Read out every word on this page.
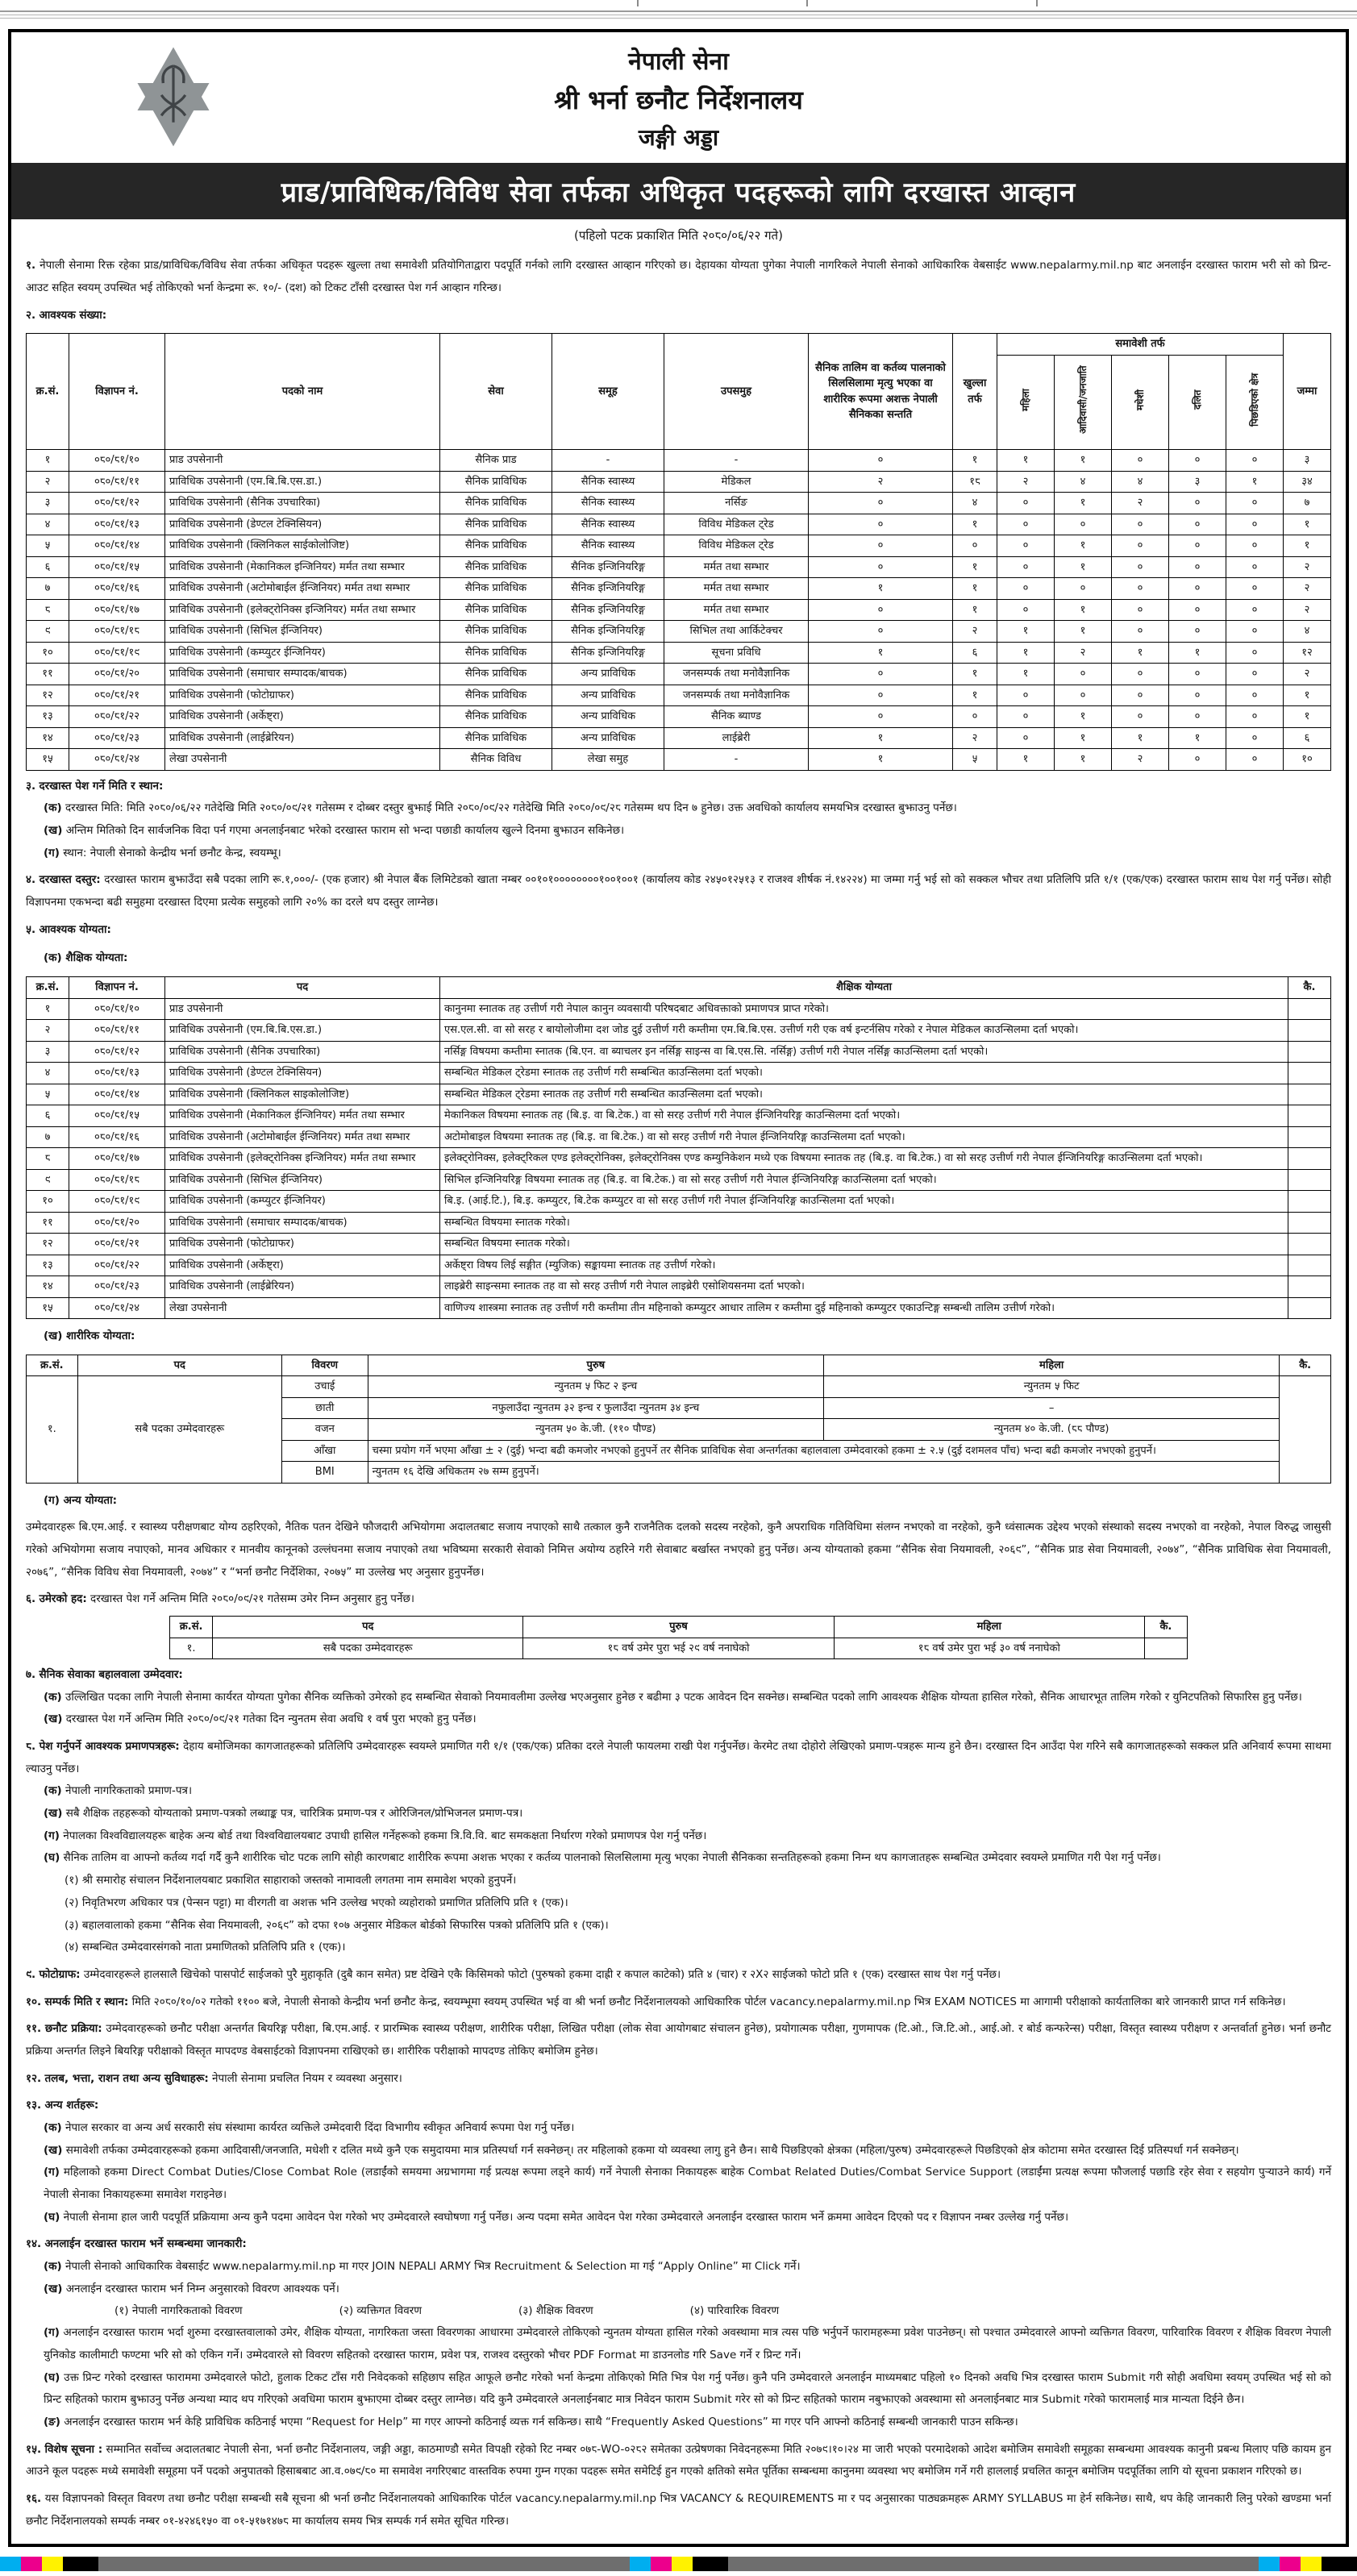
नेपाली सेना
श्री भर्ना छनौट निर्देशनालय
जङ्गी अड्डा
प्राड/प्राविधिक/विविध सेवा तर्फका अधिकृत पदहरूको लागि दरखास्त आव्हान
(पहिलो पटक प्रकाशित मिति २०८०/०६/२२ गते)
१. नेपाली सेनामा रिक्त रहेका प्राड/प्राविधिक/विविध सेवा तर्फका अधिकृत पदहरू खुल्ला तथा समावेशी प्रतियोगिताद्वारा पदपूर्ति गर्नको लागि दरखास्त आव्हान गरिएको छ। देहायका योग्यता पुगेका नेपाली नागरिकले नेपाली सेनाको आधिकारिक वेबसाईट www.nepalarmy.mil.np बाट अनलाईन दरखास्त फाराम भरी सो को प्रिन्ट-आउट सहित स्वयम् उपस्थित भई तोकिएको भर्ना केन्द्रमा रू. १०/- (दश) को टिकट टाँसी दरखास्त पेश गर्न आव्हान गरिन्छ।
२. आवश्यक संख्या:
क्र.सं.	विज्ञापन नं.	पदको नाम	सेवा	समूह	उपसमुह	सैनिक तालिम वा कर्तव्य पालनाको सिलसिलामा मृत्यु भएका वा शारीरिक रूपमा अशक्त नेपाली सैनिकका सन्तति	खुल्ला तर्फ	समावेशी तर्फ					जम्मा
								महिला	आदिवासी/जनजाति	मधेशी	दलित	पिछडिएको क्षेत्र	
१	०८०/८१/१०	प्राड उपसेनानी	सैनिक प्राड	-	-	०	१	१	१	०	०	०	३
२	०८०/८१/११	प्राविधिक उपसेनानी (एम.बि.बि.एस.डा.)	सैनिक प्राविधिक	सैनिक स्वास्थ्य	मेडिकल	२	१८	२	४	४	३	१	३४
३	०८०/८१/१२	प्राविधिक उपसेनानी (सैनिक उपचारिका)	सैनिक प्राविधिक	सैनिक स्वास्थ्य	नर्सिङ	०	४	०	१	२	०	०	७
४	०८०/८१/१३	प्राविधिक उपसेनानी (डेण्टल टेक्निसियन)	सैनिक प्राविधिक	सैनिक स्वास्थ्य	विविध मेडिकल ट्रेड	०	१	०	०	०	०	०	१
५	०८०/८१/१४	प्राविधिक उपसेनानी (क्लिनिकल साईकोलोजिष्ट)	सैनिक प्राविधिक	सैनिक स्वास्थ्य	विविध मेडिकल ट्रेड	०	०	०	१	०	०	०	१
६	०८०/८१/१५	प्राविधिक उपसेनानी (मेकानिकल इन्जिनियर) मर्मत तथा सम्भार	सैनिक प्राविधिक	सैनिक इन्जिनियरिङ्ग	मर्मत तथा सम्भार	०	१	०	१	०	०	०	२
७	०८०/८१/१६	प्राविधिक उपसेनानी (अटोमोबाईल ईन्जिनियर) मर्मत तथा सम्भार	सैनिक प्राविधिक	सैनिक इन्जिनियरिङ्ग	मर्मत तथा सम्भार	१	१	०	०	०	०	०	२
८	०८०/८१/१७	प्राविधिक उपसेनानी (इलेक्ट्रोनिक्स इन्जिनियर) मर्मत तथा सम्भार	सैनिक प्राविधिक	सैनिक इन्जिनियरिङ्ग	मर्मत तथा सम्भार	०	१	०	१	०	०	०	२
९	०८०/८१/१८	प्राविधिक उपसेनानी (सिभिल ईन्जिनियर)	सैनिक प्राविधिक	सैनिक इन्जिनियरिङ्ग	सिभिल तथा आर्किटेक्चर	०	२	१	१	०	०	०	४
१०	०८०/८१/१९	प्राविधिक उपसेनानी (कम्प्युटर ईन्जिनियर)	सैनिक प्राविधिक	सैनिक इन्जिनियरिङ्ग	सूचना प्रविधि	१	६	१	२	१	१	०	१२
११	०८०/८१/२०	प्राविधिक उपसेनानी (समाचार सम्पादक/बाचक)	सैनिक प्राविधिक	अन्य प्राविधिक	जनसम्पर्क तथा मनोवैज्ञानिक	०	१	१	०	०	०	०	२
१२	०८०/८१/२१	प्राविधिक उपसेनानी (फोटोग्राफर)	सैनिक प्राविधिक	अन्य प्राविधिक	जनसम्पर्क तथा मनोवैज्ञानिक	०	१	०	०	०	०	०	१
१३	०८०/८१/२२	प्राविधिक उपसेनानी (अर्केष्ट्रा)	सैनिक प्राविधिक	अन्य प्राविधिक	सैनिक ब्याण्ड	०	०	०	१	०	०	०	१
१४	०८०/८१/२३	प्राविधिक उपसेनानी (लाईब्रेरियन)	सैनिक प्राविधिक	अन्य प्राविधिक	लाईब्रेरी	१	२	०	१	१	१	०	६
१५	०८०/८१/२४	लेखा उपसेनानी	सैनिक विविध	लेखा समुह	-	१	५	१	१	२	०	०	१०
३. दरखास्त पेश गर्ने मिति र स्थान:
(क) दरखास्त मिति: मिति २०८०/०६/२२ गतेदेखि मिति २०८०/०९/२१ गतेसम्म र दोब्बर दस्तुर बुझाई मिति २०८०/०९/२२ गतेदेखि मिति २०८०/०९/२८ गतेसम्म थप दिन ७ हुनेछ। उक्त अवधिको कार्यालय समयभित्र दरखास्त बुझाउनु पर्नेछ।
(ख) अन्तिम मितिको दिन सार्वजनिक विदा पर्न गएमा अनलाईनबाट भरेको दरखास्त फाराम सो भन्दा पछाडी कार्यालय खुल्ने दिनमा बुझाउन सकिनेछ।
(ग) स्थान: नेपाली सेनाको केन्द्रीय भर्ना छनौट केन्द्र, स्वयम्भू।
४. दरखास्त दस्तुर: दरखास्त फाराम बुझाउँदा सबै पदका लागि रू.१,०००/- (एक हजार) श्री नेपाल बैंक लिमिटेडको खाता नम्बर ००१०१००००००००१००१००१ (कार्यालय कोड २४५०१२५१३ र राजश्व शीर्षक नं.१४२२४) मा जम्मा गर्नु भई सो को सक्कल भौचर तथा प्रतिलिपि प्रति १/१ (एक/एक) दरखास्त फाराम साथ पेश गर्नु पर्नेछ। सोही विज्ञापनमा एकभन्दा बढी समुहमा दरखास्त दिएमा प्रत्येक समुहको लागि २०% का दरले थप दस्तुर लाग्नेछ।
५. आवश्यक योग्यता:
(क) शैक्षिक योग्यता:
क्र.सं.	विज्ञापन नं.	पद	शैक्षिक योग्यता	कै.
१	०८०/८१/१०	प्राड उपसेनानी	कानुनमा स्नातक तह उत्तीर्ण गरी नेपाल कानुन व्यवसायी परिषदबाट अधिवक्ताको प्रमाणपत्र प्राप्त गरेको।	
२	०८०/८१/११	प्राविधिक उपसेनानी (एम.बि.बि.एस.डा.)	एस.एल.सी. वा सो सरह र बायोलोजीमा दश जोड दुई उत्तीर्ण गरी कम्तीमा एम.बि.बि.एस. उत्तीर्ण गरी एक वर्ष इन्टर्नसिप गरेको र नेपाल मेडिकल काउन्सिलमा दर्ता भएको।	
३	०८०/८१/१२	प्राविधिक उपसेनानी (सैनिक उपचारिका)	नर्सिङ्ग विषयमा कम्तीमा स्नातक (बि.एन. वा ब्याचलर इन नर्सिङ्ग साइन्स वा बि.एस.सि. नर्सिङ्ग) उत्तीर्ण गरी नेपाल नर्सिङ्ग काउन्सिलमा दर्ता भएको।	
४	०८०/८१/१३	प्राविधिक उपसेनानी (डेण्टल टेक्निसियन)	सम्बन्धित मेडिकल ट्रेडमा स्नातक तह उत्तीर्ण गरी सम्बन्धित काउन्सिलमा दर्ता भएको।	
५	०८०/८१/१४	प्राविधिक उपसेनानी (क्लिनिकल साइकोलोजिष्ट)	सम्बन्धित मेडिकल ट्रेडमा स्नातक तह उत्तीर्ण गरी सम्बन्धित काउन्सिलमा दर्ता भएको।	
६	०८०/८१/१५	प्राविधिक उपसेनानी (मेकानिकल ईन्जिनियर) मर्मत तथा सम्भार	मेकानिकल विषयमा स्नातक तह (बि.इ. वा बि.टेक.) वा सो सरह उत्तीर्ण गरी नेपाल ईन्जिनियरिङ्ग काउन्सिलमा दर्ता भएको।	
७	०८०/८१/१६	प्राविधिक उपसेनानी (अटोमोबाईल ईन्जिनियर) मर्मत तथा सम्भार	अटोमोबाइल विषयमा स्नातक तह (बि.इ. वा बि.टेक.) वा सो सरह उत्तीर्ण गरी नेपाल ईन्जिनियरिङ्ग काउन्सिलमा दर्ता भएको।	
८	०८०/८१/१७	प्राविधिक उपसेनानी (इलेक्ट्रोनिक्स इन्जिनियर) मर्मत तथा सम्भार	इलेक्ट्रोनिक्स, इलेक्ट्रिकल एण्ड इलेक्ट्रोनिक्स, इलेक्ट्रोनिक्स एण्ड कम्युनिकेशन मध्ये एक विषयमा स्नातक तह (बि.इ. वा बि.टेक.) वा सो सरह उत्तीर्ण गरी नेपाल ईन्जिनियरिङ्ग काउन्सिलमा दर्ता भएको।	
९	०८०/८१/१८	प्राविधिक उपसेनानी (सिभिल ईन्जिनियर)	सिभिल इन्जिनियरिङ्ग विषयमा स्नातक तह (बि.इ. वा बि.टेक.) वा सो सरह उत्तीर्ण गरी नेपाल ईन्जिनियरिङ्ग काउन्सिलमा दर्ता भएको।	
१०	०८०/८१/१९	प्राविधिक उपसेनानी (कम्प्युटर ईन्जिनियर)	बि.इ. (आई.टि.), बि.इ. कम्प्युटर, बि.टेक कम्प्युटर वा सो सरह उत्तीर्ण गरी नेपाल ईन्जिनियरिङ्ग काउन्सिलमा दर्ता भएको।	
११	०८०/८१/२०	प्राविधिक उपसेनानी (समाचार सम्पादक/बाचक)	सम्बन्धित विषयमा स्नातक गरेको।	
१२	०८०/८१/२१	प्राविधिक उपसेनानी (फोटोग्राफर)	सम्बन्धित विषयमा स्नातक गरेको।	
१३	०८०/८१/२२	प्राविधिक उपसेनानी (अर्केष्ट्रा)	अर्केष्ट्रा विषय लिई सङ्गीत (म्युजिक) सङ्कायमा स्नातक तह उत्तीर्ण गरेको।	
१४	०८०/८१/२३	प्राविधिक उपसेनानी (लाईब्रेरियन)	लाइब्रेरी साइन्समा स्नातक तह वा सो सरह उत्तीर्ण गरी नेपाल लाइब्रेरी एसोशियसनमा दर्ता भएको।	
१५	०८०/८१/२४	लेखा उपसेनानी	वाणिज्य शास्त्रमा स्नातक तह उत्तीर्ण गरी कम्तीमा तीन महिनाको कम्प्युटर आधार तालिम र कम्तीमा दुई महिनाको कम्प्युटर एकाउन्टिङ्ग सम्बन्धी तालिम उत्तीर्ण गरेको।	
(ख) शारीरिक योग्यता:
क्र.सं.	पद	विवरण	पुरुष	महिला	कै.
१.	सबै पदका उम्मेदवारहरू	उचाई	न्युनतम ५ फिट २ इन्च	न्युनतम ५ फिट	
		छाती	नफुलाउँदा न्युनतम ३२ इन्च र फुलाउँदा न्युनतम ३४ इन्च	–	
		वजन	न्युनतम ५० के.जी. (११० पौण्ड)	न्युनतम ४० के.जी. (८८ पौण्ड)	
		आँखा	चस्मा प्रयोग गर्ने भएमा आँखा ± २ (दुई) भन्दा बढी कमजोर नभएको हुनुपर्ने तर सैनिक प्राविधिक सेवा अन्तर्गतका बहालवाला उम्मेदवारको हकमा ± २.५ (दुई दशमलव पाँच) भन्दा बढी कमजोर नभएको हुनुपर्ने।		
		BMI	न्युनतम १६ देखि अधिकतम २७ सम्म हुनुपर्ने।		
(ग) अन्य योग्यता:
उम्मेदवारहरू बि.एम.आई. र स्वास्थ्य परीक्षणबाट योग्य ठहरिएको, नैतिक पतन देखिने फौजदारी अभियोगमा अदालतबाट सजाय नपाएको साथै तत्काल कुनै राजनैतिक दलको सदस्य नरहेको, कुनै अपराधिक गतिविधिमा संलग्न नभएको वा नरहेको, कुनै ध्वंसात्मक उद्देश्य भएको संस्थाको सदस्य नभएको वा नरहेको, नेपाल विरुद्ध जासुसी गरेको अभियोगमा सजाय नपाएको, मानव अधिकार र मानवीय कानूनको उल्लंघनमा सजाय नपाएको तथा भविष्यमा सरकारी सेवाको निमित्त अयोग्य ठहरिने गरी सेवाबाट बर्खास्त नभएको हुनु पर्नेछ। अन्य योग्यताको हकमा “सैनिक सेवा नियमावली, २०६९”, “सैनिक प्राड सेवा नियमावली, २०७४”, “सैनिक प्राविधिक सेवा नियमावली, २०७६”, “सैनिक विविध सेवा नियमावली, २०७४” र “भर्ना छनौट निर्देशिका, २०७५” मा उल्लेख भए अनुसार हुनुपर्नेछ।
६. उमेरको हद: दरखास्त पेश गर्ने अन्तिम मिति २०८०/०९/२१ गतेसम्म उमेर निम्न अनुसार हुनु पर्नेछ।
क्र.सं.	पद	पुरुष	महिला	कै.
१.	सबै पदका उम्मेदवारहरू	१८ वर्ष उमेर पुरा भई २९ वर्ष ननाघेको	१८ वर्ष उमेर पुरा भई ३० वर्ष ननाघेको	
७. सैनिक सेवाका बहालवाला उम्मेदवार:
(क) उल्लिखित पदका लागि नेपाली सेनामा कार्यरत योग्यता पुगेका सैनिक व्यक्तिको उमेरको हद सम्बन्धित सेवाको नियमावलीमा उल्लेख भएअनुसार हुनेछ र बढीमा ३ पटक आवेदन दिन सक्नेछ। सम्बन्धित पदको लागि आवश्यक शैक्षिक योग्यता हासिल गरेको, सैनिक आधारभूत तालिम गरेको र युनिटपतिको सिफारिस हुनु पर्नेछ।
(ख) दरखास्त पेश गर्ने अन्तिम मिति २०८०/०९/२१ गतेका दिन न्युनतम सेवा अवधि १ वर्ष पुरा भएको हुनु पर्नेछ।
८. पेश गर्नुपर्ने आवश्यक प्रमाणपत्रहरू: देहाय बमोजिमका कागजातहरूको प्रतिलिपि उम्मेदवारहरू स्वयम्ले प्रमाणित गरी १/१ (एक/एक) प्रतिका दरले नेपाली फायलमा राखी पेश गर्नुपर्नेछ। केरमेट तथा दोहोरो लेखिएको प्रमाण-पत्रहरू मान्य हुने छैन। दरखास्त दिन आउँदा पेश गरिने सबै कागजातहरूको सक्कल प्रति अनिवार्य रूपमा साथमा ल्याउनु पर्नेछ।
(क) नेपाली नागरिकताको प्रमाण-पत्र।
(ख) सबै शैक्षिक तहहरूको योग्यताको प्रमाण-पत्रको लब्धाङ्क पत्र, चारित्रिक प्रमाण-पत्र र ओरिजिनल/प्रोभिजनल प्रमाण-पत्र।
(ग) नेपालका विश्वविद्यालयहरू बाहेक अन्य बोर्ड तथा विश्वविद्यालयबाट उपाधी हासिल गर्नेहरूको हकमा त्रि.वि.वि. बाट समकक्षता निर्धारण गरेको प्रमाणपत्र पेश गर्नु पर्नेछ।
(घ) सैनिक तालिम वा आफ्नो कर्तव्य गर्दा गर्दै कुनै शारीरिक चोट पटक लागि सोही कारणबाट शारीरिक रूपमा अशक्त भएका र कर्तव्य पालनाको सिलसिलामा मृत्यु भएका नेपाली सैनिकका सन्ततिहरूको हकमा निम्न थप कागजातहरू सम्बन्धित उम्मेदवार स्वयम्ले प्रमाणित गरी पेश गर्नु पर्नेछ।
(१) श्री समारोह संचालन निर्देशनालयबाट प्रकाशित साहाराको जस्तको नामावली लगतमा नाम समावेश भएको हुनुपर्ने।
(२) निवृतिभरण अधिकार पत्र (पेन्सन पट्टा) मा वीरगती वा अशक्त भनि उल्लेख भएको व्यहोराको प्रमाणित प्रतिलिपि प्रति १ (एक)।
(३) बहालवालाको हकमा “सैनिक सेवा नियमावली, २०६९” को दफा १०७ अनुसार मेडिकल बोर्डको सिफारिस पत्रको प्रतिलिपि प्रति १ (एक)।
(४) सम्बन्धित उम्मेदवारसंगको नाता प्रमाणितको प्रतिलिपि प्रति १ (एक)।
९. फोटोग्राफ: उम्मेदवारहरूले हालसालै खिचेको पासपोर्ट साईजको पुरै मुहाकृति (दुबै कान समेत) प्रष्ट देखिने एकै किसिमको फोटो (पुरुषको हकमा दाह्री र कपाल काटेको) प्रति ४ (चार) र २X२ साईजको फोटो प्रति १ (एक) दरखास्त साथ पेश गर्नु पर्नेछ।
१०. सम्पर्क मिति र स्थान: मिति २०८०/१०/०२ गतेको ११०० बजे, नेपाली सेनाको केन्द्रीय भर्ना छनौट केन्द्र, स्वयम्भूमा स्वयम् उपस्थित भई वा श्री भर्ना छनौट निर्देशनालयको आधिकारिक पोर्टल vacancy.nepalarmy.mil.np भित्र EXAM NOTICES मा आगामी परीक्षाको कार्यतालिका बारे जानकारी प्राप्त गर्न सकिनेछ।
११. छनौट प्रक्रिया: उम्मेदवारहरूको छनौट परीक्षा अन्तर्गत बियरिङ्ग परीक्षा, बि.एम.आई. र प्रारम्भिक स्वास्थ्य परीक्षण, शारीरिक परीक्षा, लिखित परीक्षा (लोक सेवा आयोगबाट संचालन हुनेछ), प्रयोगात्मक परीक्षा, गुणमापक (टि.ओ., जि.टि.ओ., आई.ओ. र बोर्ड कन्फरेन्स) परीक्षा, विस्तृत स्वास्थ्य परीक्षण र अन्तर्वार्ता हुनेछ। भर्ना छनौट प्रक्रिया अन्तर्गत लिइने बियरिङ्ग परीक्षाको विस्तृत मापदण्ड वेबसाईटको विज्ञापनमा राखिएको छ। शारीरिक परीक्षाको मापदण्ड तोकिए बमोजिम हुनेछ।
१२. तलब, भत्ता, राशन तथा अन्य सुविधाहरू: नेपाली सेनामा प्रचलित नियम र व्यवस्था अनुसार।
१३. अन्य शर्तहरू:
(क) नेपाल सरकार वा अन्य अर्ध सरकारी संघ संस्थामा कार्यरत व्यक्तिले उम्मेदवारी दिंदा विभागीय स्वीकृत अनिवार्य रूपमा पेश गर्नु पर्नेछ।
(ख) समावेशी तर्फका उम्मेदवारहरूको हकमा आदिवासी/जनजाति, मधेशी र दलित मध्ये कुनै एक समुदायमा मात्र प्रतिस्पर्धा गर्न सक्नेछन्। तर महिलाको हकमा यो व्यवस्था लागु हुने छैन। साथै पिछडिएको क्षेत्रका (महिला/पुरुष) उम्मेदवारहरूले पिछडिएको क्षेत्र कोटामा समेत दरखास्त दिई प्रतिस्पर्धा गर्न सक्नेछन्।
(ग) महिलाको हकमा Direct Combat Duties/Close Combat Role (लडाईंको समयमा अग्रभागमा गई प्रत्यक्ष रूपमा लड्ने कार्य) गर्ने नेपाली सेनाका निकायहरू बाहेक Combat Related Duties/Combat Service Support (लडाईंमा प्रत्यक्ष रूपमा फौजलाई पछाडि रहेर सेवा र सहयोग पुऱ्याउने कार्य) गर्ने नेपाली सेनाका निकायहरूमा समावेश गराइनेछ।
(घ) नेपाली सेनामा हाल जारी पदपूर्ति प्रक्रियामा अन्य कुनै पदमा आवेदन पेश गरेको भए उम्मेदवारले स्वघोषणा गर्नु पर्नेछ। अन्य पदमा समेत आवेदन पेश गरेका उम्मेदवारले अनलाईन दरखास्त फाराम भर्ने क्रममा आवेदन दिएको पद र विज्ञापन नम्बर उल्लेख गर्नु पर्नेछ।
१४. अनलाईन दरखास्त फाराम भर्ने सम्बन्धमा जानकारी:
(क) नेपाली सेनाको आधिकारिक वेबसाईट www.nepalarmy.mil.np मा गएर JOIN NEPALI ARMY भित्र Recruitment & Selection मा गई “Apply Online” मा Click गर्ने।
(ख) अनलाईन दरखास्त फाराम भर्न निम्न अनुसारको विवरण आवश्यक पर्ने।
(१) नेपाली नागरिकताको विवरण	(२) व्यक्तिगत विवरण	(३) शैक्षिक विवरण	(४) पारिवारिक विवरण
(ग) अनलाईन दरखास्त फाराम भर्दा शुरुमा दरखास्तवालाको उमेर, शैक्षिक योग्यता, नागरिकता जस्ता विवरणका आधारमा उम्मेदवारले तोकिएको न्युनतम योग्यता हासिल गरेको अवस्थामा मात्र त्यस पछि भर्नुपर्ने फारामहरूमा प्रवेश पाउनेछन्। सो पश्चात उम्मेदवारले आफ्नो व्यक्तिगत विवरण, पारिवारिक विवरण र शैक्षिक विवरण नेपाली युनिकोड कालीमाटी फण्टमा भरि सो को एकिन गर्ने। उम्मेदवारले सो विवरण सहितको दरखास्त फाराम, प्रवेश पत्र, राजश्व दस्तुरको भौचर PDF Format मा डाउनलोड गरि Save गर्ने र प्रिन्ट गर्ने।
(घ) उक्त प्रिन्ट गरेको दरखास्त फाराममा उम्मेदवारले फोटो, हुलाक टिकट टाँस गरी निवेदकको सहिछाप सहित आफूले छनौट गरेको भर्ना केन्द्रमा तोकिएको मिति भित्र पेश गर्नु पर्नेछ। कुनै पनि उम्मेदवारले अनलाईन माध्यमबाट पहिलो १० दिनको अवधि भित्र दरखास्त फाराम Submit गरी सोही अवधिमा स्वयम् उपस्थित भई सो को प्रिन्ट सहितको फाराम बुझाउनु पर्नेछ अन्यथा म्याद थप गरिएको अवधिमा फाराम बुझाएमा दोब्बर दस्तुर लाग्नेछ। यदि कुनै उम्मेदवारले अनलाईनबाट मात्र निवेदन फाराम Submit गरेर सो को प्रिन्ट सहितको फाराम नबुझाएको अवस्थामा सो अनलाईनबाट मात्र Submit गरेको फारामलाई मात्र मान्यता दिईने छैन।
(ङ) अनलाईन दरखास्त फाराम भर्न केहि प्राविधिक कठिनाई भएमा “Request for Help” मा गएर आफ्नो कठिनाई व्यक्त गर्न सकिन्छ। साथै “Frequently Asked Questions” मा गएर पनि आफ्नो कठिनाई सम्बन्धी जानकारी पाउन सकिन्छ।
१५. विशेष सूचना : सम्मानित सर्वोच्च अदालतबाट नेपाली सेना, भर्ना छनौट निर्देशनालय, जङ्गी अड्डा, काठमाण्डौ समेत विपक्षी रहेको रिट नम्बर ०७८-WO-०२८२ समेतका उत्प्रेषणका निवेदनहरूमा मिति २०७९।१०।२४ मा जारी भएको परमादेशको आदेश बमोजिम समावेशी समूहका सम्बन्धमा आवश्यक कानुनी प्रबन्ध मिलाए पछि कायम हुन आउने कूल पदहरू मध्ये समावेशी समूहमा पर्ने पदको अनुपातको हिसाबबाट आ.व.०७९/८० मा समावेश नगरिएबाट वास्तविक रुपमा गुम्न गएका पदहरू समेत समेटिई हुन गएको क्षतिको समेत पूर्तिका सम्बन्धमा कानुनमा व्यवस्था भए बमोजिम गर्ने गरी हाललाई प्रचलित कानून बमोजिम पदपूर्तिका लागि यो सूचना प्रकाशन गरिएको छ।
१६. यस विज्ञापनको विस्तृत विवरण तथा छनौट परीक्षा सम्बन्धी सबै सूचना श्री भर्ना छनौट निर्देशनालयको आधिकारिक पोर्टल vacancy.nepalarmy.mil.np भित्र VACANCY & REQUIREMENTS मा र पद अनुसारका पाठ्यक्रमहरू ARMY SYLLABUS मा हेर्न सकिनेछ। साथै, थप केहि जानकारी लिनु परेको खण्डमा भर्ना छनौट निर्देशनालयको सम्पर्क नम्बर ०१-४२४६१५० वा ०१-५१७१४७८ मा कार्यालय समय भित्र सम्पर्क गर्न समेत सूचित गरिन्छ।
